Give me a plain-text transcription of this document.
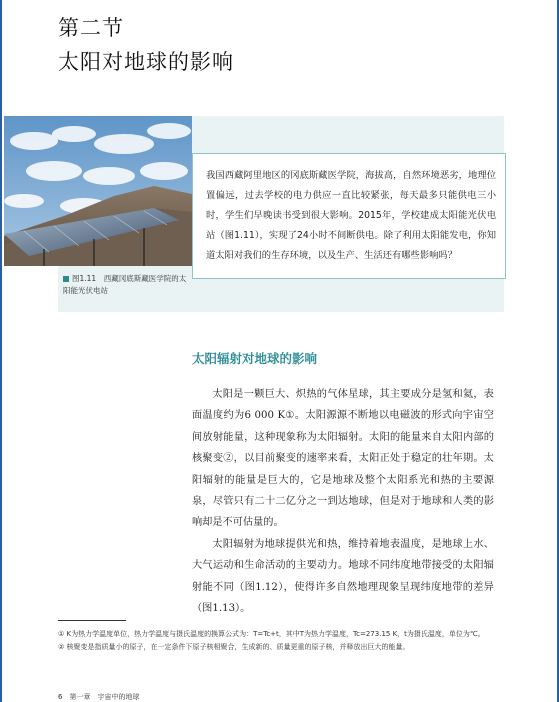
第二节
太阳对地球的影响
图1.11　西藏冈底斯藏医学院的太阳能光伏电站
我国西藏阿里地区的冈底斯藏医学院，海拔高，自然环境恶劣，地理位置偏远，过去学校的电力供应一直比较紧张，每天最多只能供电三小时，学生们早晚读书受到很大影响。2015年，学校建成太阳能光伏电站（图1.11），实现了24小时不间断供电。除了利用太阳能发电，你知道太阳对我们的生存环境，以及生产、生活还有哪些影响吗？
太阳辐射对地球的影响

太阳是一颗巨大、炽热的气体星球，其主要成分是氢和氦，表面温度约为6 000 K①。太阳源源不断地以电磁波的形式向宇宙空间放射能量，这种现象称为太阳辐射。太阳的能量来自太阳内部的核聚变②，以目前聚变的速率来看，太阳正处于稳定的壮年期。太阳辐射的能量是巨大的，它是地球及整个太阳系光和热的主要源泉，尽管只有二十二亿分之一到达地球，但是对于地球和人类的影响却是不可估量的。

太阳辐射为地球提供光和热，维持着地表温度，是地球上水、大气运动和生命活动的主要动力。地球不同纬度地带接受的太阳辐射能不同（图1.12），使得许多自然地理现象呈现纬度地带的差异（图1.13）。

① K为热力学温度单位，热力学温度与摄氏温度的换算公式为：T=Tc+t，其中T为热力学温度，Tc=273.15 K，t为摄氏温度，单位为℃。

② 核聚变是指质量小的原子，在一定条件下原子核相聚合，生成新的、质量更重的原子核，并释放出巨大的能量。

6　第一章　宇宙中的地球
